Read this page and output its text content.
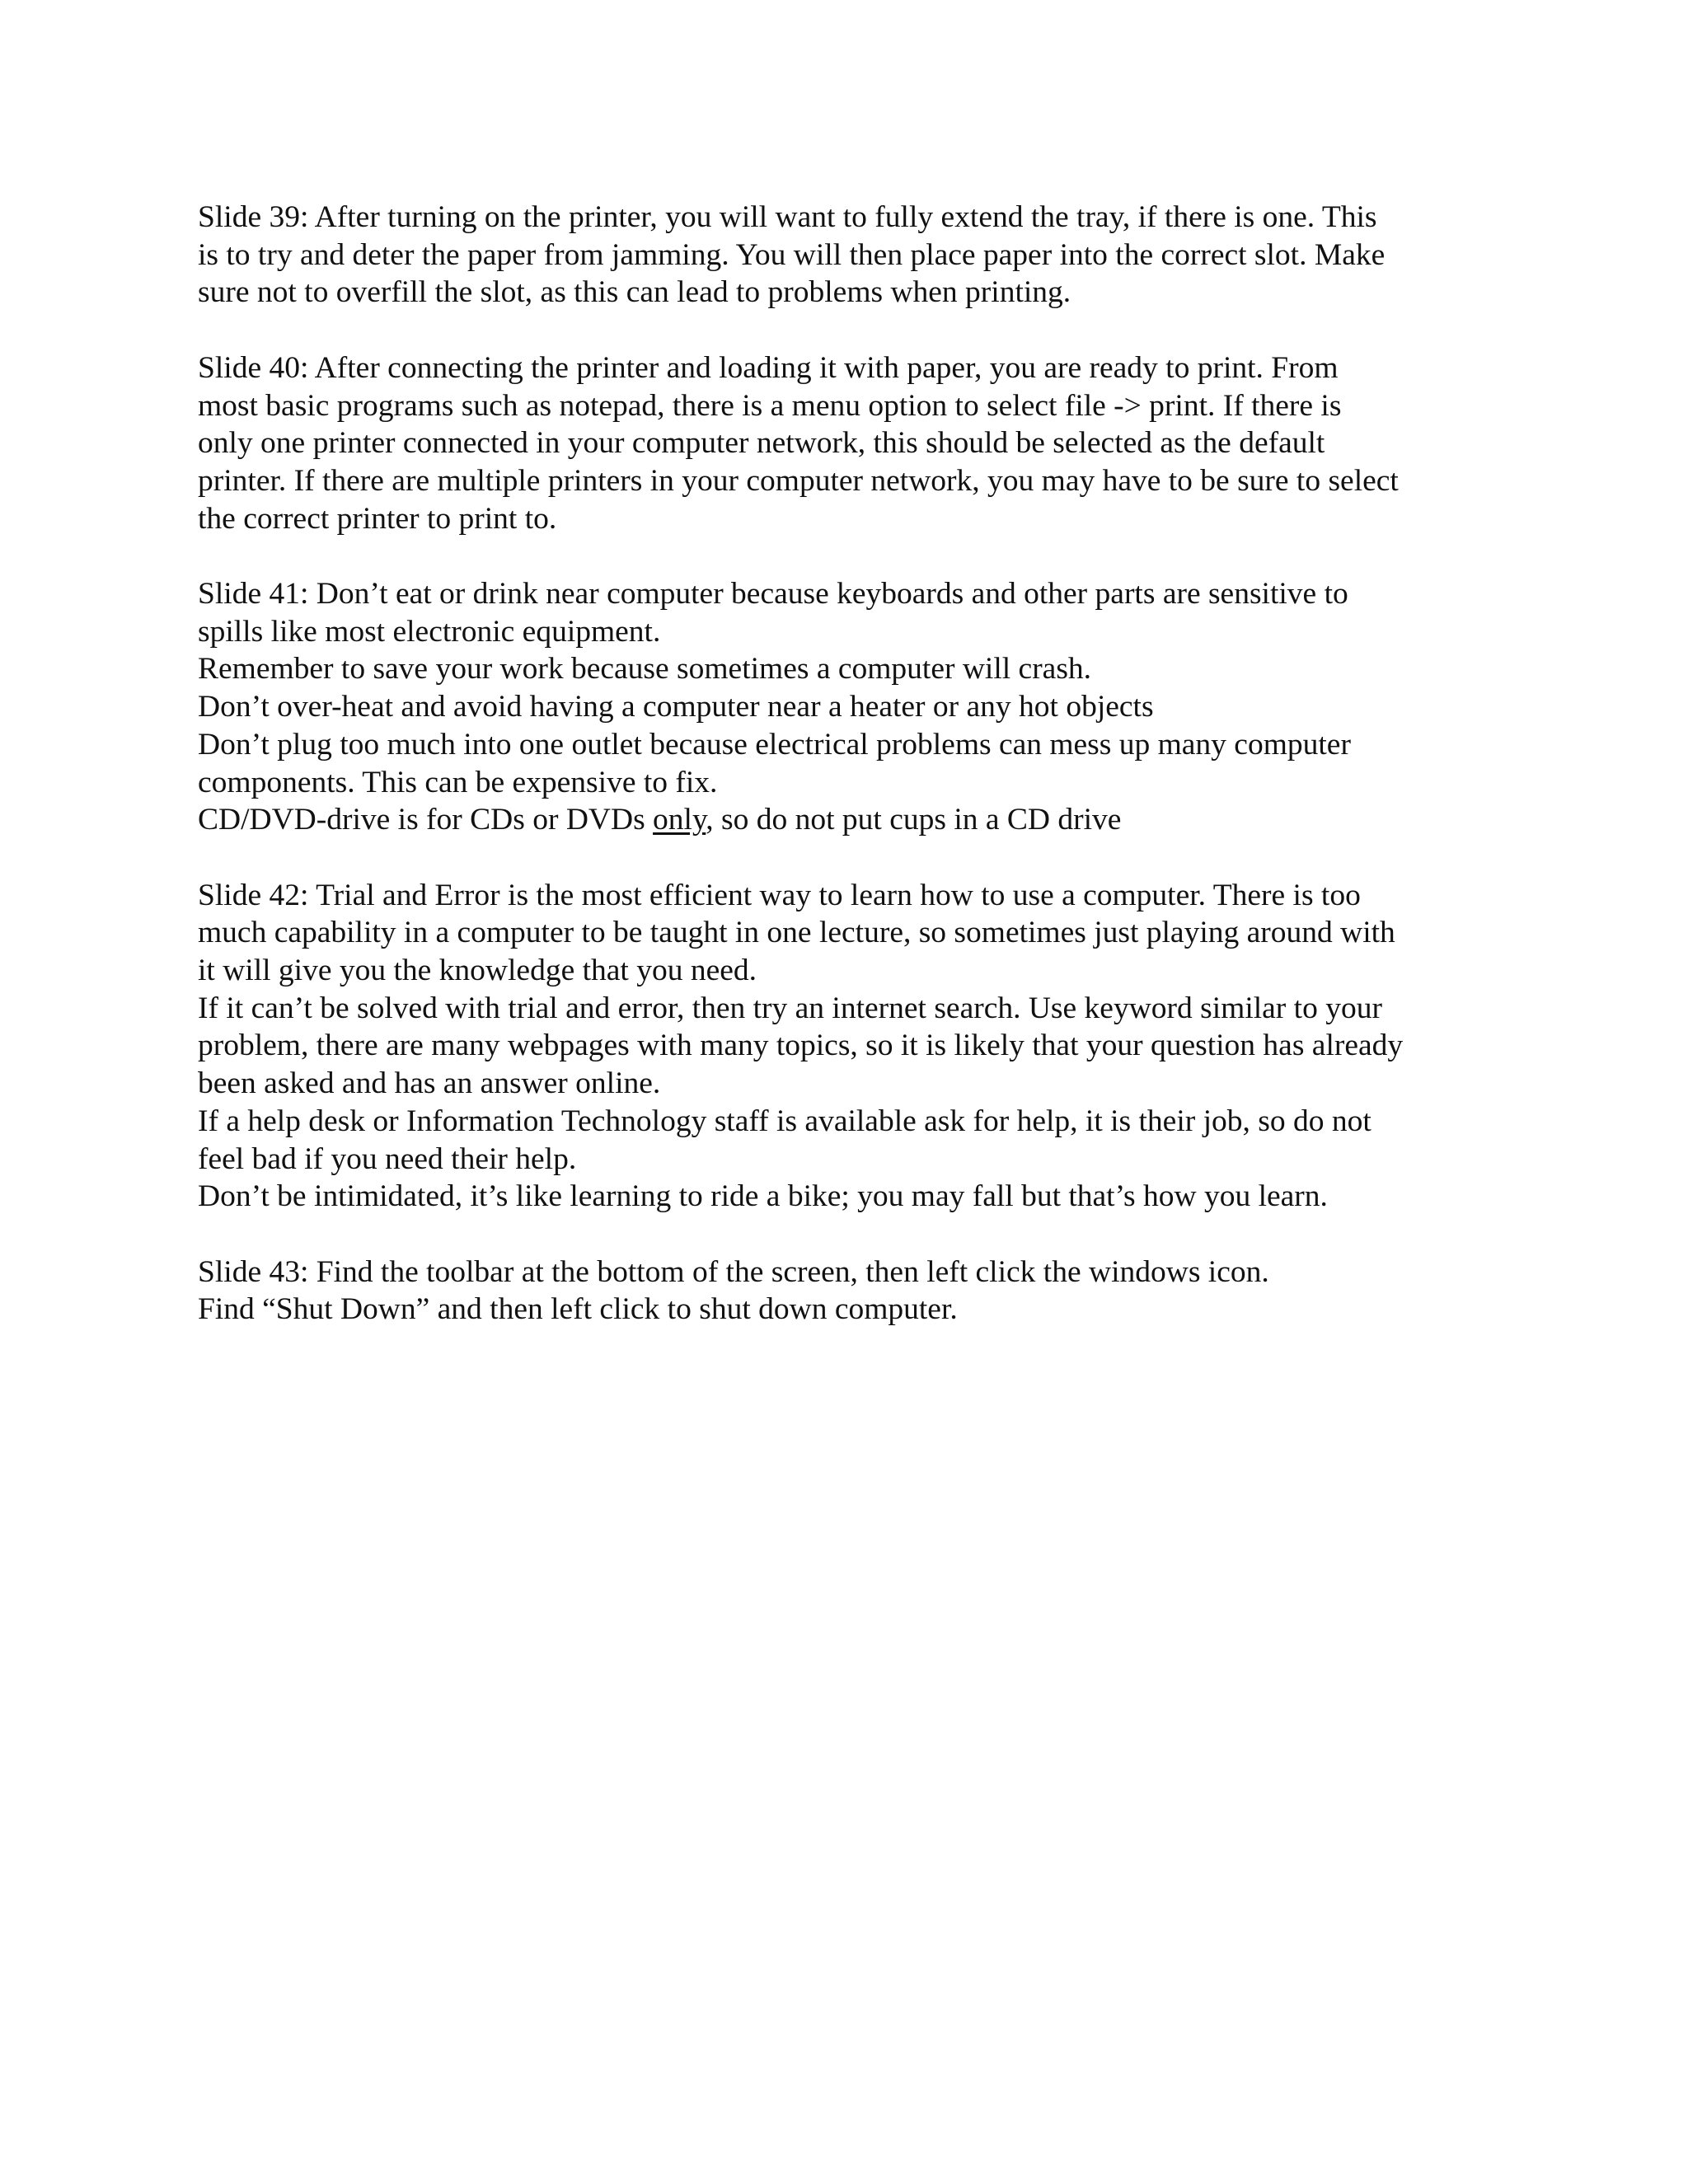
Slide 39: After turning on the printer, you will want to fully extend the tray, if there is one. This
is to try and deter the paper from jamming. You will then place paper into the correct slot. Make
sure not to overfill the slot, as this can lead to problems when printing.
Slide 40: After connecting the printer and loading it with paper, you are ready to print. From
most basic programs such as notepad, there is a menu option to select file -> print. If there is
only one printer connected in your computer network, this should be selected as the default
printer. If there are multiple printers in your computer network, you may have to be sure to select
the correct printer to print to.
Slide 41: Don’t eat or drink near computer because keyboards and other parts are sensitive to
spills like most electronic equipment.
Remember to save your work because sometimes a computer will crash.
Don’t over-heat and avoid having a computer near a heater or any hot objects
Don’t plug too much into one outlet because electrical problems can mess up many computer
components. This can be expensive to fix.
CD/DVD-drive is for CDs or DVDs only, so do not put cups in a CD drive
Slide 42: Trial and Error is the most efficient way to learn how to use a computer. There is too
much capability in a computer to be taught in one lecture, so sometimes just playing around with
it will give you the knowledge that you need.
If it can’t be solved with trial and error, then try an internet search. Use keyword similar to your
problem, there are many webpages with many topics, so it is likely that your question has already
been asked and has an answer online.
If a help desk or Information Technology staff is available ask for help, it is their job, so do not
feel bad if you need their help.
Don’t be intimidated, it’s like learning to ride a bike; you may fall but that’s how you learn.
Slide 43: Find the toolbar at the bottom of the screen, then left click the windows icon.
Find “Shut Down” and then left click to shut down computer.
